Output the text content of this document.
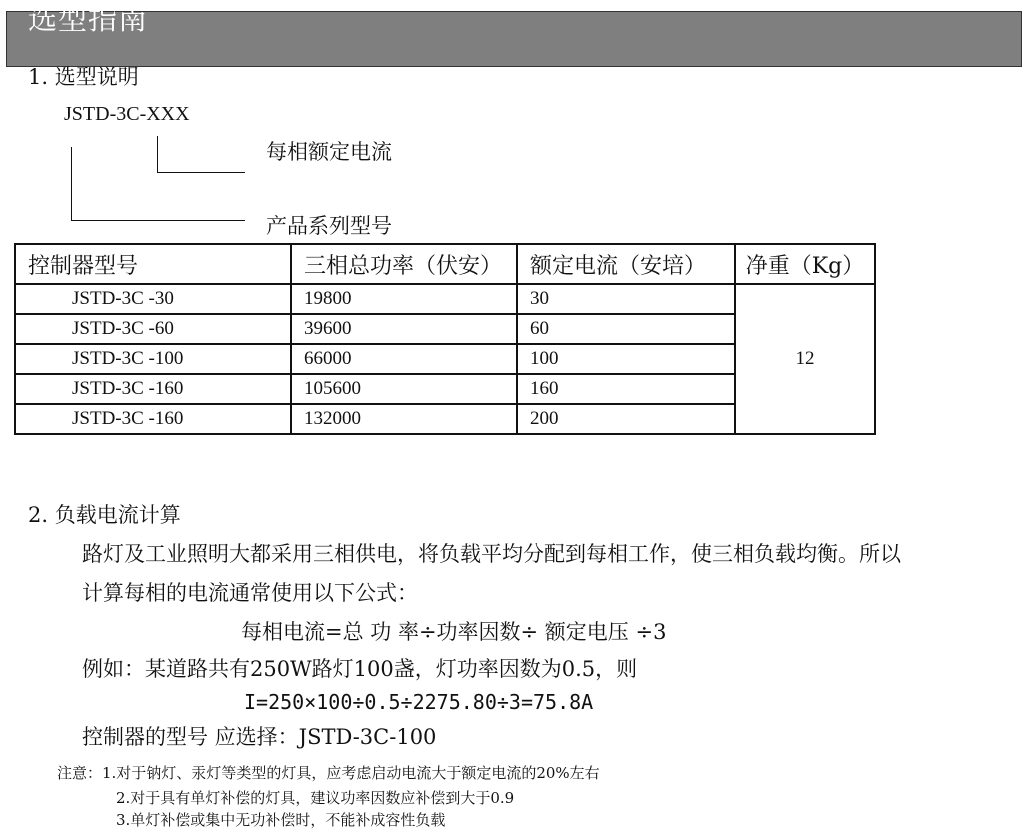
选型指南
1. 选型说明
JSTD-3C-XXX
每相额定电流
产品系列型号
控制器型号	三相总功率（伏安）	额定电流（安培）	净重（Kg）
JSTD-3C -30	19800	30	12
JSTD-3C -60	39600	60	
JSTD-3C -100	66000	100	
JSTD-3C -160	105600	160	
JSTD-3C -160	132000	200	
2. 负载电流计算
路灯及工业照明大都采用三相供电，将负载平均分配到每相工作，使三相负载均衡。所以
计算每相的电流通常使用以下公式：
每相电流=总 功 率÷功率因数÷ 额定电压 ÷3
例如：某道路共有250W路灯100盏，灯功率因数为0.5，则
I=250×100÷0.5÷2275.80÷3=75.8A
控制器的型号 应选择：JSTD-3C-100
注意：1.对于钠灯、汞灯等类型的灯具，应考虑启动电流大于额定电流的20%左右
2.对于具有单灯补偿的灯具，建议功率因数应补偿到大于0.9
3.单灯补偿或集中无功补偿时，不能补成容性负载
